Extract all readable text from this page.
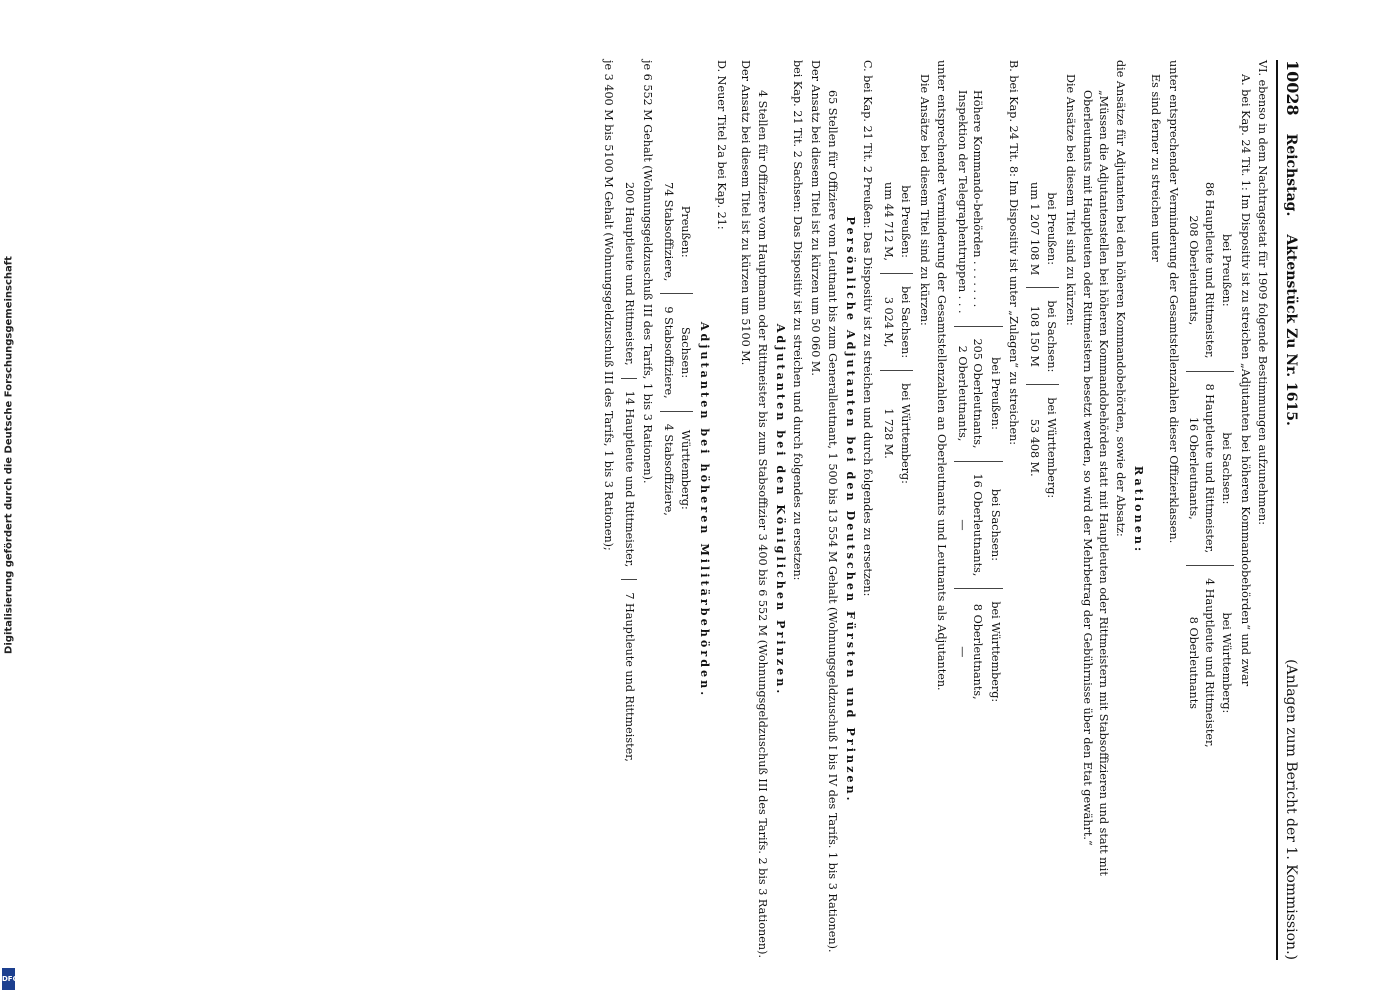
Digitalisierung gefördert durch die Deutsche Forschungsgemeinschaft
DFG
10028
Reichstag.
Aktenstück Zu Nr. 1615.
(Anlagen zum Bericht der 1. Kommission.)

VI. ebenso in dem Nachtragsetat für 1909 folgende Bestimmungen aufzunehmen:

A. bei Kap. 24 Tit. 1: Im Dispositiv ist zu streichen „Adjutanten bei höheren Kommandobehörden“ und zwar

bei Preußen:	bei Sachsen:	bei Württemberg:
86 Hauptleute und Rittmeister,	8 Hauptleute und Rittmeister,	4 Hauptleute und Rittmeister,
208 Oberleutnants,	16 Oberleutnants,	8 Oberleutnants

unter entsprechender Verminderung der Gesamtstellenzahlen dieser Offizierklassen.

Es sind ferner zu streichen unter

Rationen:

die Ansätze für Adjutanten bei den höheren Kommandobehörden, sowie der Absatz:

„Müssen die Adjutantenstellen bei höheren Kommandobehörden statt mit Hauptleuten oder Rittmeistern mit Stabsoffizieren und statt mit Oberleutnants mit Hauptleuten oder Rittmeistern besetzt werden, so wird der Mehrbetrag der Gebührnisse über den Etat gewährt.“

Die Ansätze bei diesem Titel sind zu kürzen:

bei Preußen:	bei Sachsen:	bei Württemberg:
um 1 207 108 M	108 150 M	53 408 M.

B. bei Kap. 24 Tit. 8: Im Dispositiv ist unter „Zulagen“ zu streichen:

	bei Preußen:	bei Sachsen:	bei Württemberg:
Höhere Kommando-behörden . . . . . . .	205 Oberleutnants,	16 Oberleutnants,	8 Oberleutnants,
Inspektion der Telegraphentruppen . . .	2 Oberleutnants,	—	—

unter entsprechender Verminderung der Gesamtstellenzahlen an Oberleutnants und Leutnants als Adjutanten.

Die Ansätze bei diesem Titel sind zu kürzen:

bei Preußen:	bei Sachsen:	bei Württemberg:
um 44 712 M,	3 024 M,	1 728 M.

C. bei Kap. 21 Tit. 2 Preußen: Das Dispositiv ist zu streichen und durch folgendes zu ersetzen:

Persönliche Adjutanten bei den Deutschen Fürsten und Prinzen.

65 Stellen für Offiziere vom Leutnant bis zum Generalleutnant, 1 500 bis 13 554 M Gehalt (Wohnungsgeldzuschuß I bis IV des Tarifs. 1 bis 3 Rationen).

Der Ansatz bei diesem Titel ist zu kürzen um 50 060 M.

bei Kap. 21 Tit. 2 Sachsen: Das Dispositiv ist zu streichen und durch folgendes zu ersetzen:

Adjutanten bei den Königlichen Prinzen.

4 Stellen für Offiziere vom Hauptmann oder Rittmeister bis zum Stabsoffizier 3 400 bis 6 552 M (Wohnungsgeldzuschuß III des Tarifs. 2 bis 3 Rationen).

Der Ansatz bei diesem Titel ist zu kürzen um 5100 M.

D. Neuer Titel 2a bei Kap. 21:

Adjutanten bei höheren Militärbehörden.

Preußen:	Sachsen:	Württemberg:
74 Stabsoffiziere,	9 Stabsoffiziere,	4 Stabsoffiziere,

je 6 552 M Gehalt (Wohnungsgeldzuschuß III des Tarifs, 1 bis 3 Rationen).

200 Hauptleute und Rittmeister,	14 Hauptleute und Rittmeister,	7 Hauptleute und Rittmeister,

je 3 400 M bis 5100 M Gehalt (Wohnungsgeldzuschuß III des Tarifs, 1 bis 3 Rationen);
